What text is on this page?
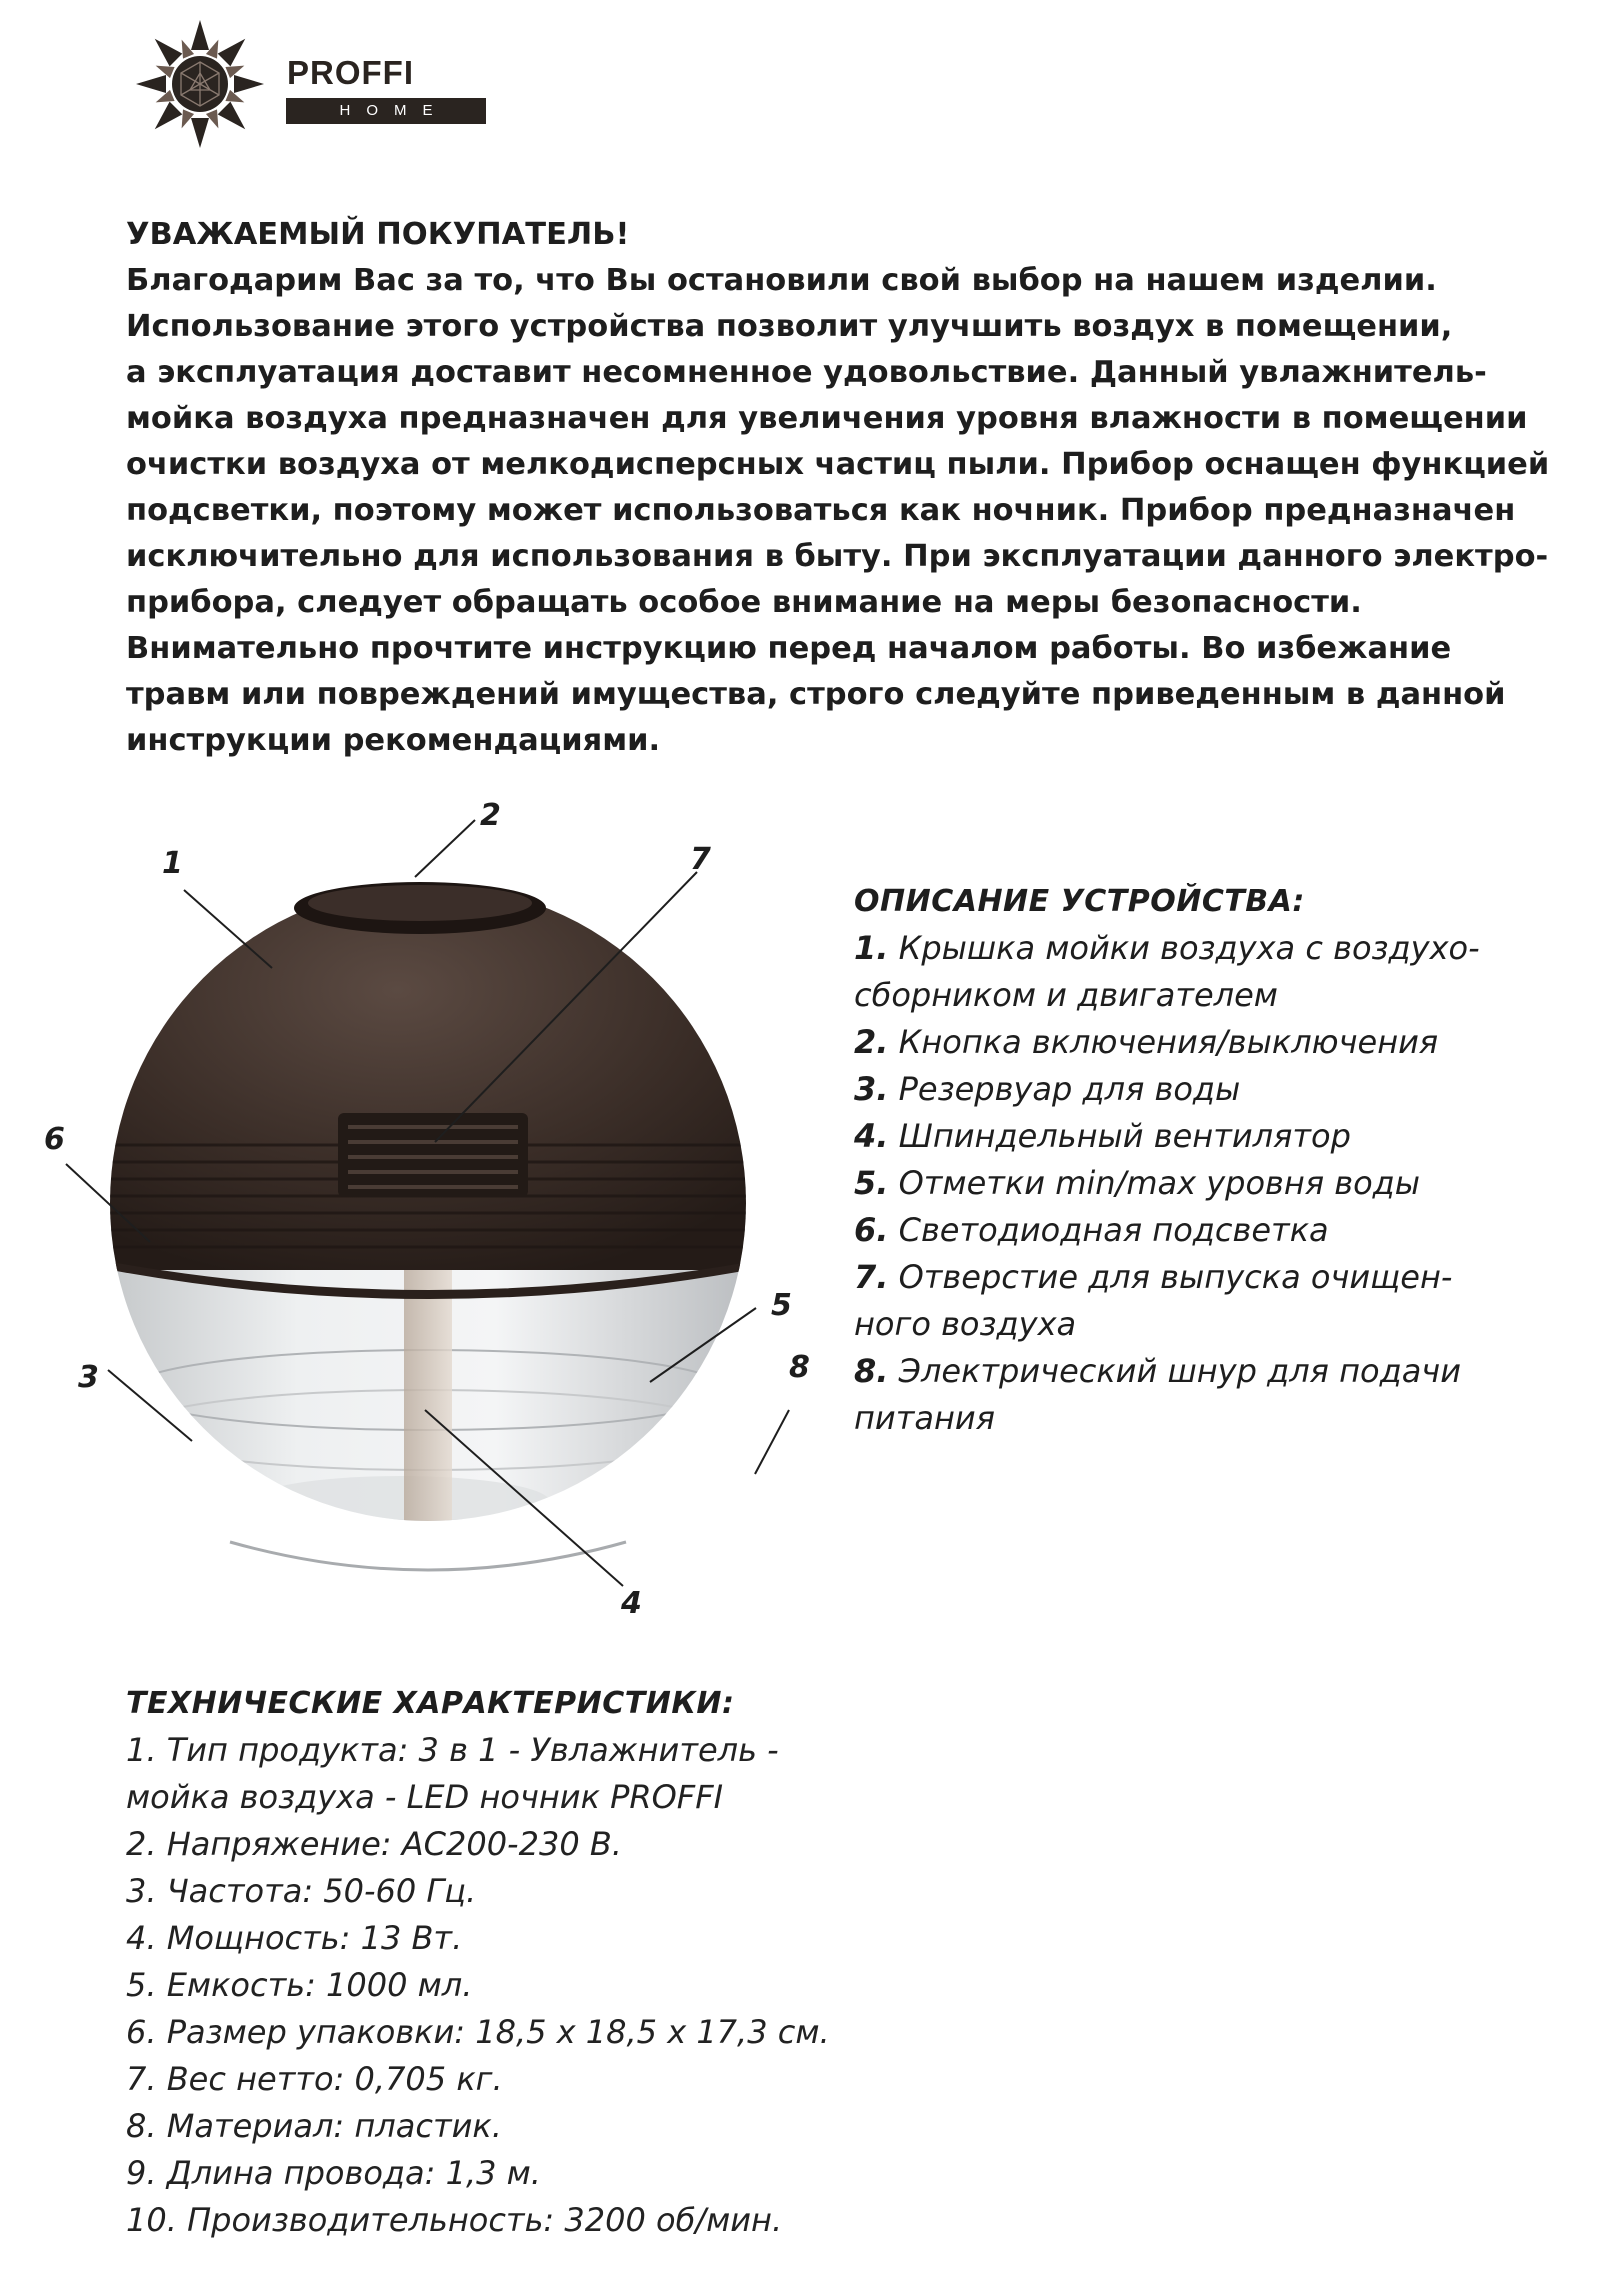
PROFFI
HOME

УВАЖАЕМЫЙ ПОКУПАТЕЛЬ!

Благодарим Вас за то, что Вы остановили свой выбор на нашем изделии.

Использование этого устройства позволит улучшить воздух в помещении,

а эксплуатация доставит несомненное удовольствие. Данный увлажнитель-

мойка воздуха предназначен для увеличения уровня влажности в помещении

очистки воздуха от мелкодисперсных частиц пыли. Прибор оснащен функцией

подсветки, поэтому может использоваться как ночник. Прибор предназначен

исключительно для использования в быту. При эксплуатации данного электро-

прибора, следует обращать особое внимание на меры безопасности.

Внимательно прочтите инструкцию перед началом работы. Во избежание

травм или повреждений имущества, строго следуйте приведенным в данной

инструкции рекомендациями.

1
2
3
4
5
6
7
8
ОПИСАНИЕ УСТРОЙСТВА:
1. Крышка мойки воздуха с воздухо-
сборником и двигателем
2. Кнопка включения/выключения
3. Резервуар для воды
4. Шпиндельный вентилятор
5. Отметки min/max уровня воды
6. Светодиодная подсветка
7. Отверстие для выпуска очищен-
ного воздуха
8. Электрический шнур для подачи
питания
ТЕХНИЧЕСКИЕ ХАРАКТЕРИСТИКИ:
1. Тип продукта: 3 в 1 - Увлажнитель -
мойка воздуха - LED ночник PROFFI
2. Напряжение: АС200-230 В.
3. Частота: 50-60 Гц.
4. Мощность: 13 Вт.
5. Емкость: 1000 мл.
6. Размер упаковки: 18,5 х 18,5 х 17,3 см.
7. Вес нетто: 0,705 кг.
8. Материал: пластик.
9. Длина провода: 1,3 м.
10. Производительность: 3200 об/мин.
